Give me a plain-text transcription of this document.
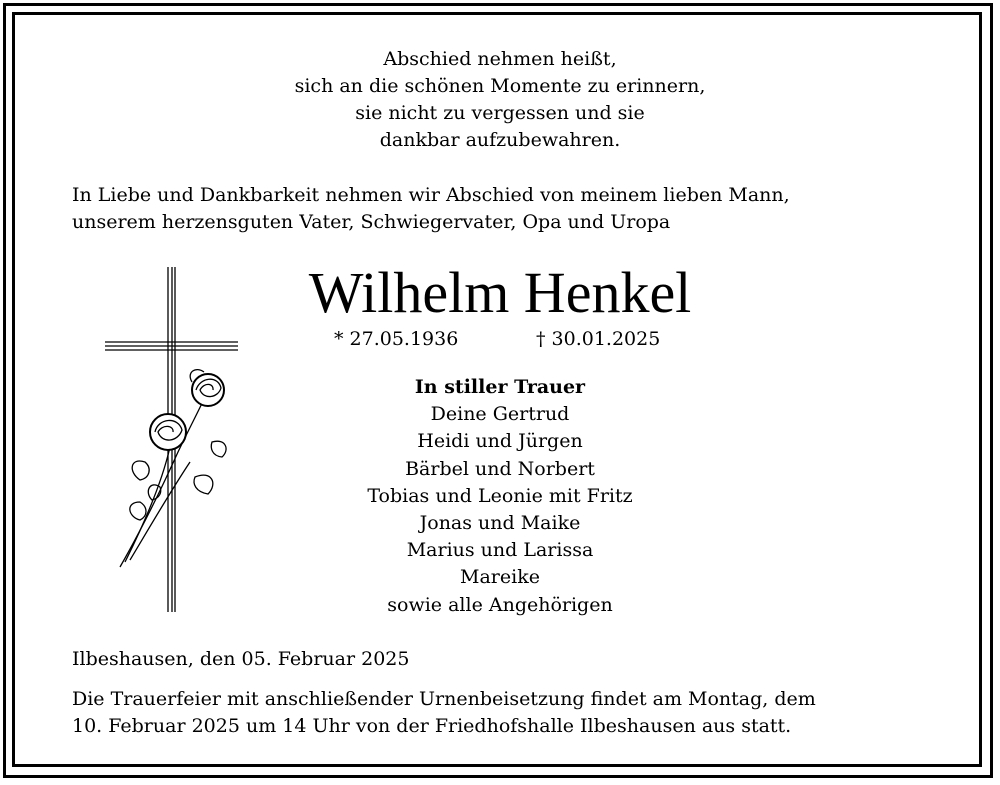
Abschied nehmen heißt,
sich an die schönen Momente zu erinnern,
sie nicht zu vergessen und sie
dankbar aufzubewahren.
In Liebe und Dankbarkeit nehmen wir Abschied von meinem lieben Mann,
unserem herzensguten Vater, Schwiegervater, Opa und Uropa
Wilhelm Henkel
* 27.05.1936	† 30.01.2025
In stiller Trauer
Deine Gertrud
Heidi und Jürgen
Bärbel und Norbert
Tobias und Leonie mit Fritz
Jonas und Maike
Marius und Larissa
Mareike
sowie alle Angehörigen
Ilbeshausen, den 05. Februar 2025
Die Trauerfeier mit anschließender Urnenbeisetzung findet am Montag, dem
10. Februar 2025 um 14 Uhr von der Friedhofshalle Ilbeshausen aus statt.
